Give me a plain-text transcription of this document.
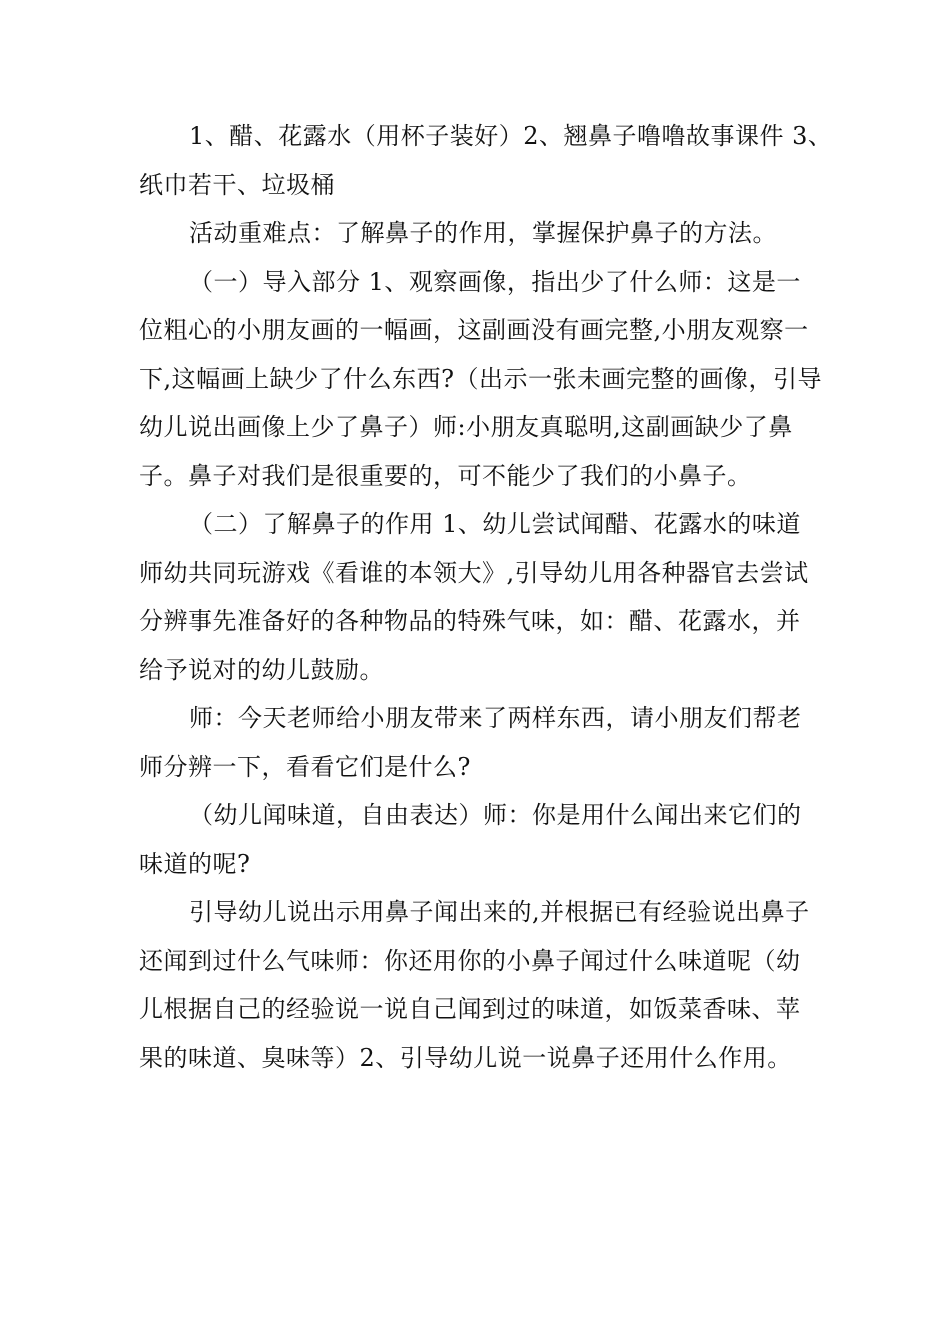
1、醋、花露水（用杯子装好）2、翘鼻子噜噜故事课件 3、纸巾若干、垃圾桶

活动重难点：了解鼻子的作用，掌握保护鼻子的方法。

（一）导入部分 1、观察画像，指出少了什么师：这是一位粗心的小朋友画的一幅画，这副画没有画完整,小朋友观察一下,这幅画上缺少了什么东西?（出示一张未画完整的画像，引导幼儿说出画像上少了鼻子）师:小朋友真聪明,这副画缺少了鼻子。鼻子对我们是很重要的，可不能少了我们的小鼻子。

（二）了解鼻子的作用 1、幼儿尝试闻醋、花露水的味道师幼共同玩游戏《看谁的本领大》,引导幼儿用各种器官去尝试分辨事先准备好的各种物品的特殊气味，如：醋、花露水，并给予说对的幼儿鼓励。

师：今天老师给小朋友带来了两样东西，请小朋友们帮老师分辨一下，看看它们是什么?

（幼儿闻味道，自由表达）师：你是用什么闻出来它们的味道的呢?

引导幼儿说出示用鼻子闻出来的,并根据已有经验说出鼻子还闻到过什么气味师：你还用你的小鼻子闻过什么味道呢（幼儿根据自己的经验说一说自己闻到过的味道，如饭菜香味、苹果的味道、臭味等）2、引导幼儿说一说鼻子还用什么作用。
